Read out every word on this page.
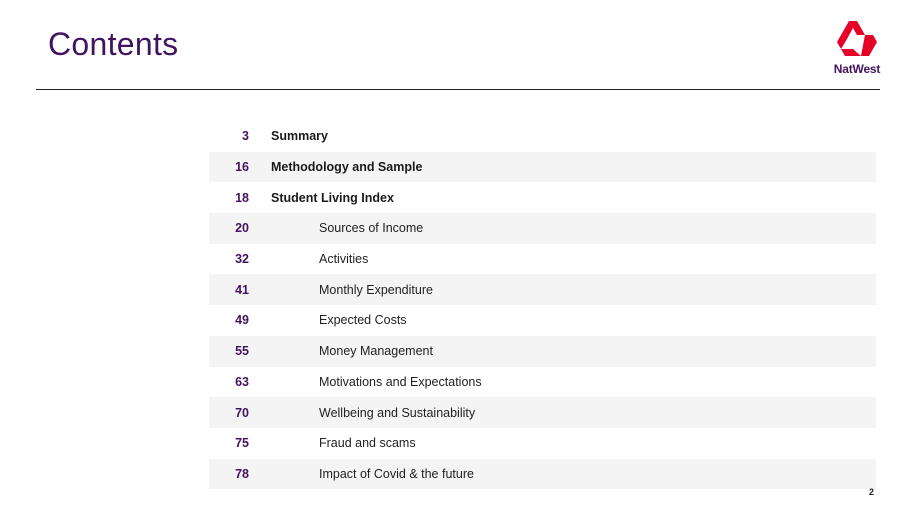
Contents
NatWest
3	Summary
16	Methodology and Sample
18	Student Living Index
20	Sources of Income
32	Activities
41	Monthly Expenditure
49	Expected Costs
55	Money Management
63	Motivations and Expectations
70	Wellbeing and Sustainability
75	Fraud and scams
78	Impact of Covid & the future
2
